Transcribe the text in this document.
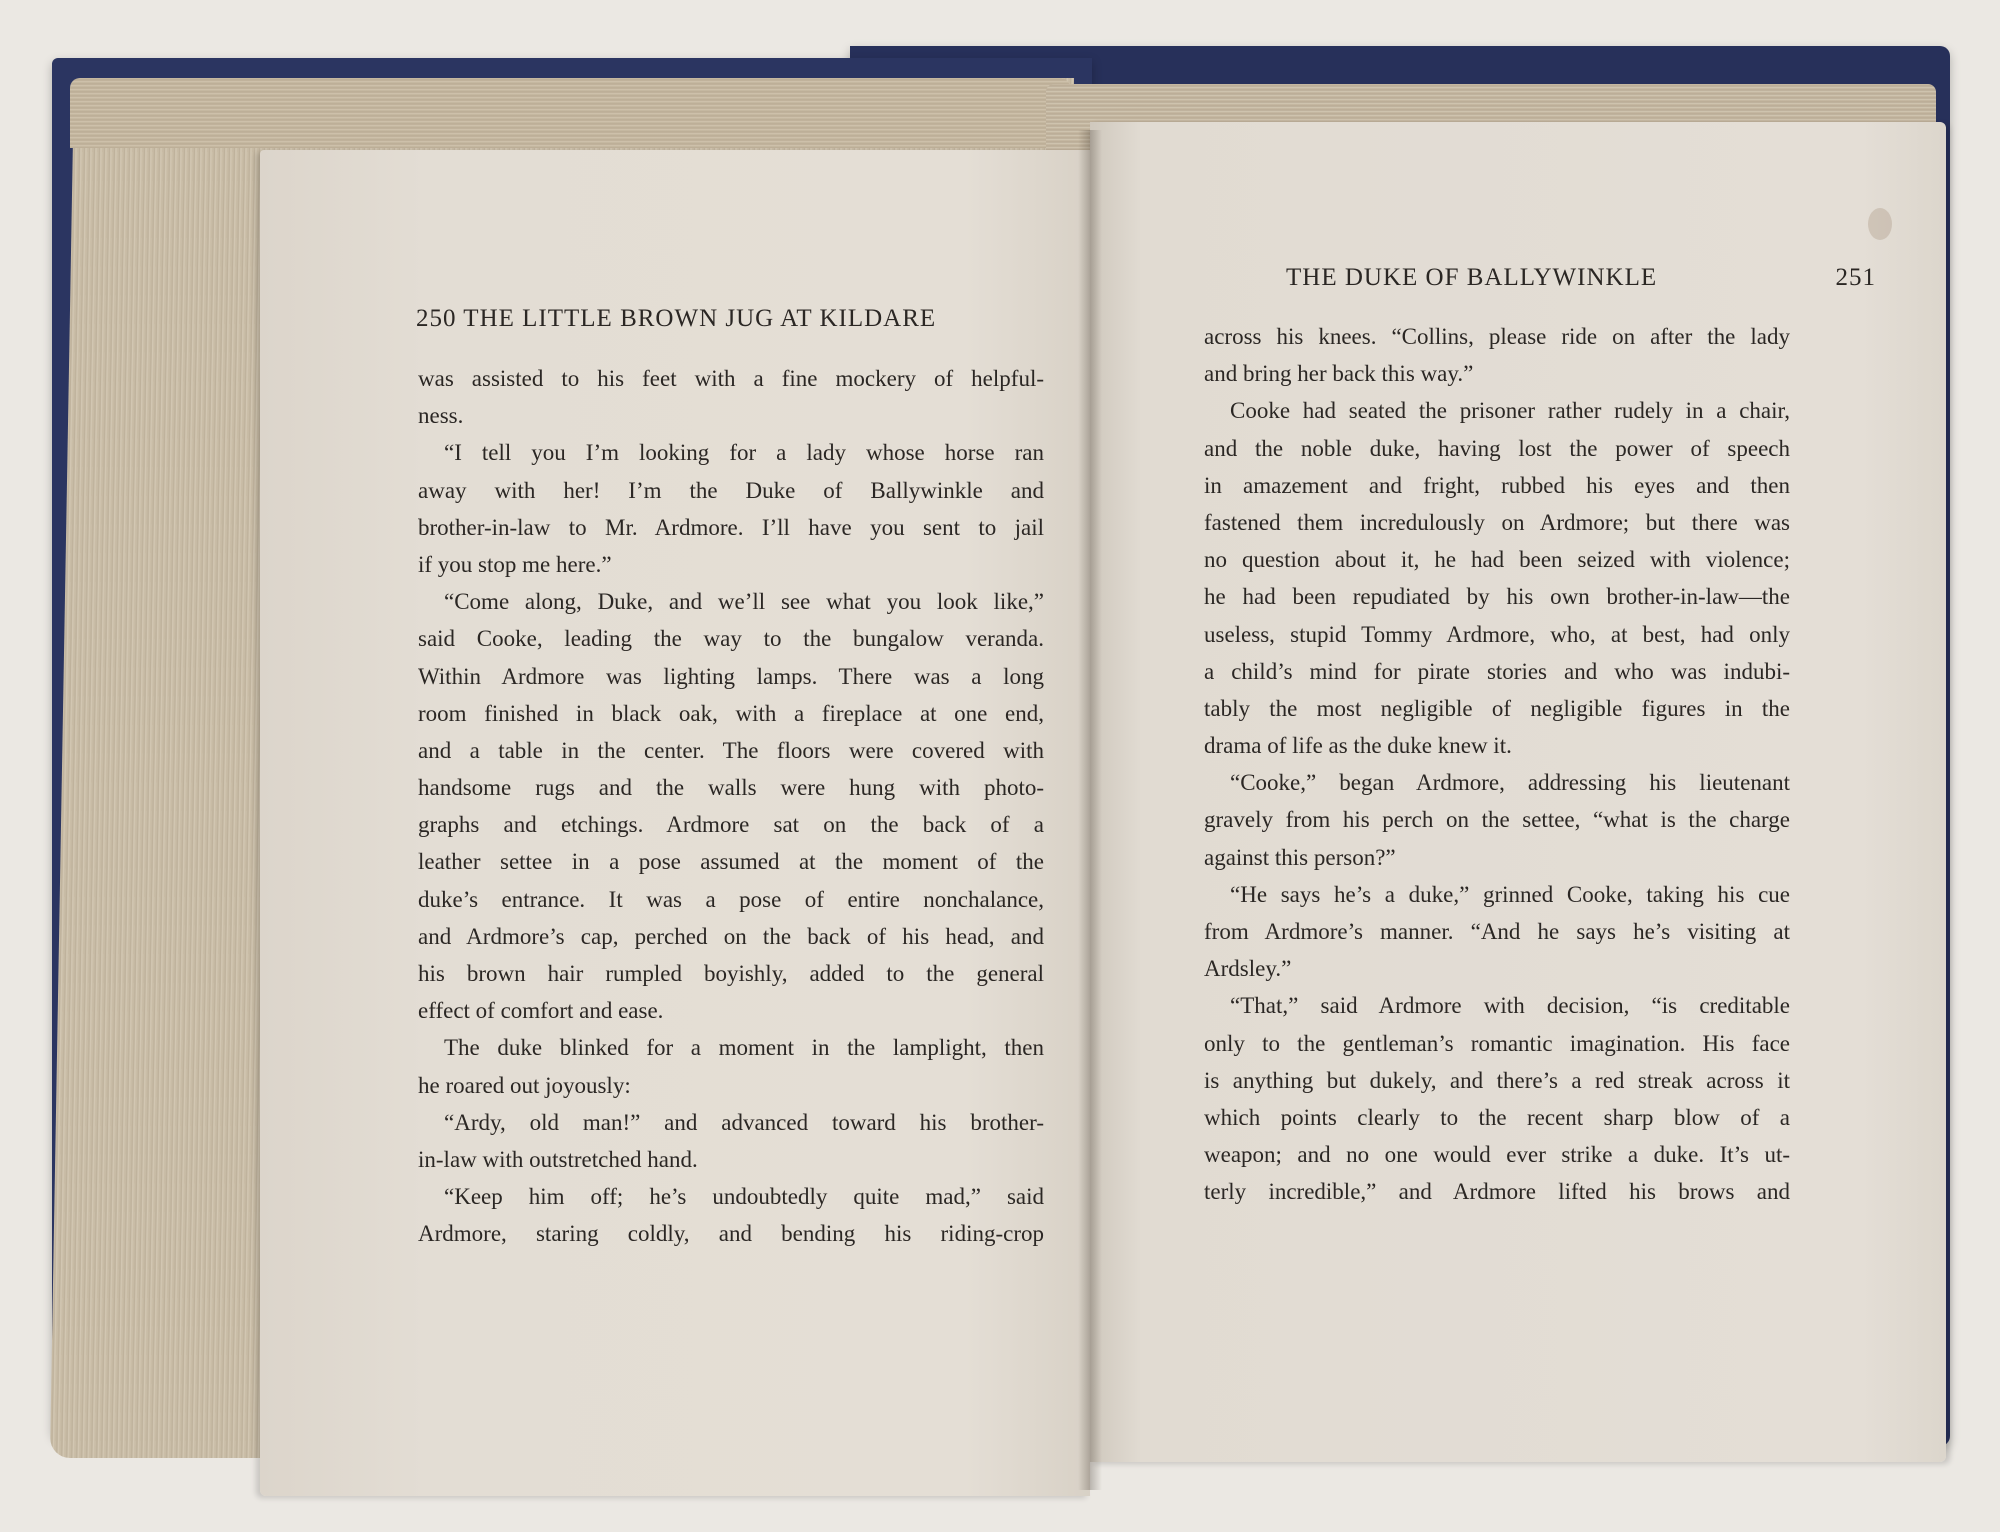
250 THE LITTLE BROWN JUG AT KILDARE
was assisted to his feet with a fine mockery of helpful-
ness.
“I tell you I’m looking for a lady whose horse ran
away with her! I’m the Duke of Ballywinkle and
brother-in-law to Mr. Ardmore. I’ll have you sent to jail
if you stop me here.”
“Come along, Duke, and we’ll see what you look like,”
said Cooke, leading the way to the bungalow veranda.
Within Ardmore was lighting lamps. There was a long
room finished in black oak, with a fireplace at one end,
and a table in the center. The floors were covered with
handsome rugs and the walls were hung with photo-
graphs and etchings. Ardmore sat on the back of a
leather settee in a pose assumed at the moment of the
duke’s entrance. It was a pose of entire nonchalance,
and Ardmore’s cap, perched on the back of his head, and
his brown hair rumpled boyishly, added to the general
effect of comfort and ease.
The duke blinked for a moment in the lamplight, then
he roared out joyously:
“Ardy, old man!” and advanced toward his brother-
in-law with outstretched hand.
“Keep him off; he’s undoubtedly quite mad,” said
Ardmore, staring coldly, and bending his riding-crop
THE DUKE OF BALLYWINKLE	251
across his knees. “Collins, please ride on after the lady
and bring her back this way.”
Cooke had seated the prisoner rather rudely in a chair,
and the noble duke, having lost the power of speech
in amazement and fright, rubbed his eyes and then
fastened them incredulously on Ardmore; but there was
no question about it, he had been seized with violence;
he had been repudiated by his own brother-in-law—the
useless, stupid Tommy Ardmore, who, at best, had only
a child’s mind for pirate stories and who was indubi-
tably the most negligible of negligible figures in the
drama of life as the duke knew it.
“Cooke,” began Ardmore, addressing his lieutenant
gravely from his perch on the settee, “what is the charge
against this person?”
“He says he’s a duke,” grinned Cooke, taking his cue
from Ardmore’s manner. “And he says he’s visiting at
Ardsley.”
“That,” said Ardmore with decision, “is creditable
only to the gentleman’s romantic imagination. His face
is anything but dukely, and there’s a red streak across it
which points clearly to the recent sharp blow of a
weapon; and no one would ever strike a duke. It’s ut-
terly incredible,” and Ardmore lifted his brows and
